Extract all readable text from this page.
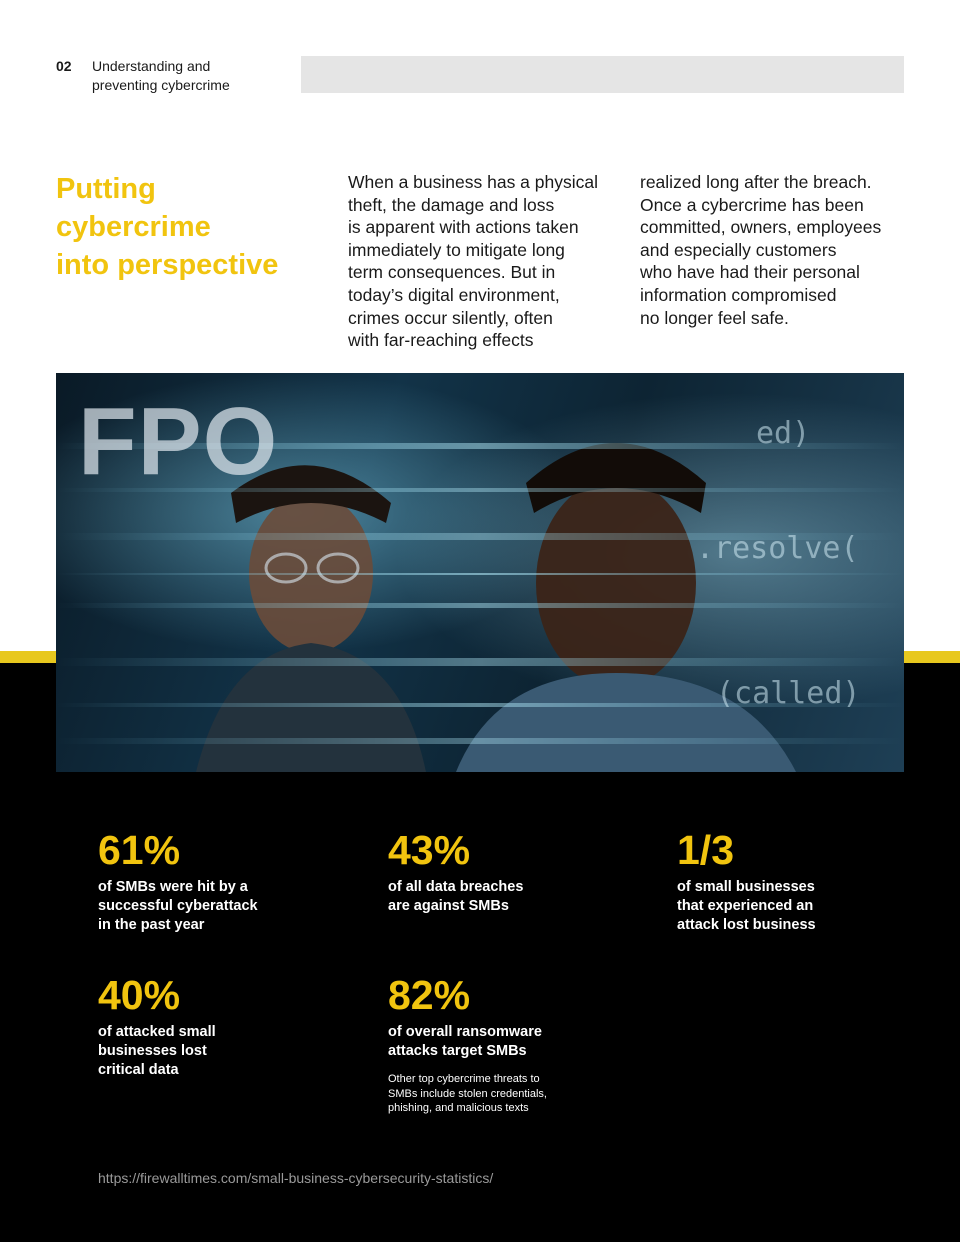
02	Understanding and
preventing cybercrime
Putting
cybercrime
into perspective
When a business has a physical
theft, the damage and loss
is apparent with actions taken
immediately to mitigate long
term consequences. But in
today’s digital environment,
crimes occur silently, often
with far-reaching effects
realized long after the breach.
Once a cybercrime has been
committed, owners, employees
and especially customers
who have had their personal
information compromised
no longer feel safe.
.resolve(
(called)
ed)
FPO
61%
of SMBs were hit by a
successful cyberattack
in the past year
43%
of all data breaches
are against SMBs
1/3
of small businesses
that experienced an
attack lost business
40%
of attacked small
businesses lost
critical data
82%
of overall ransomware
attacks target SMBs
Other top cybercrime threats to
SMBs include stolen credentials,
phishing, and malicious texts
https://firewalltimes.com/small-business-cybersecurity-statistics/
